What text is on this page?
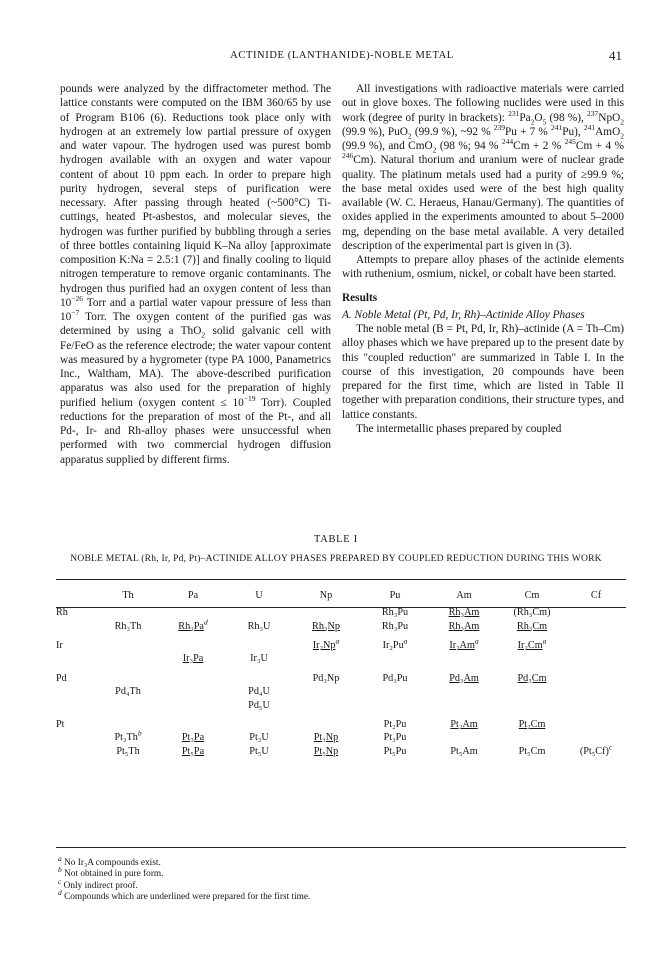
ACTINIDE (LANTHANIDE)-NOBLE METAL	41

pounds were analyzed by the diffractometer method. The lattice constants were computed on the IBM 360/65 by use of Program B106 (6). Reductions took place only with hydrogen at an extremely low partial pressure of oxygen and water vapour. The hydrogen used was purest bomb hydrogen available with an oxygen and water vapour content of about 10 ppm each. In order to prepare high purity hydrogen, several steps of purification were necessary. After passing through heated (~500°C) Ti-cuttings, heated Pt-asbestos, and molecular sieves, the hydrogen was further purified by bubbling through a series of three bottles containing liquid K–Na alloy [approximate composition K:Na = 2.5:1 (7)] and finally cooling to liquid nitrogen temperature to remove organic contaminants. The hydrogen thus purified had an oxygen content of less than $10^{-26}$ Torr and a partial water vapour pressure of less than $10^{-7}$ Torr. The oxygen content of the purified gas was determined by using a ThO$_2$ solid galvanic cell with Fe/FeO as the reference electrode; the water vapour content was measured by a hygrometer (type PA 1000, Panametrics Inc., Waltham, MA). The above-described purification apparatus was also used for the preparation of highly purified helium (oxygen content ≤ $10^{-19}$ Torr). Coupled reductions for the preparation of most of the Pt-, and all Pd-, Ir- and Rh-alloy phases were unsuccessful when performed with two commercial hydrogen diffusion apparatus supplied by different firms.

All investigations with radioactive materials were carried out in glove boxes. The following nuclides were used in this work (degree of purity in brackets): $^{231}Pa_2O_5$ (98 %), $^{237}$NpO$_2$ (99.9 %), PuO$_2$ (99.9 %), ~92 % $^{239}$Pu + 7 % $^{241}$Pu), $^{241}$AmO$_2$ (99.9 %), and CmO$_2$ (98 %; 94 % $^{244}$Cm + 2 % $^{245}$Cm + 4 % $^{246}$Cm). Natural thorium and uranium were of nuclear grade quality. The platinum metals used had a purity of ≥99.9 %; the base metal oxides used were of the best high quality available (W. C. Heraeus, Hanau/Germany). The quantities of oxides applied in the experiments amounted to about 5–2000 mg, depending on the base metal available. A very detailed description of the experimental part is given in (3).

Attempts to prepare alloy phases of the actinide elements with ruthenium, osmium, nickel, or cobalt have been started.

Results

A. Noble Metal (Pt, Pd, Ir, Rh)–Actinide Alloy Phases

The noble metal (B = Pt, Pd, Ir, Rh)–actinide (A = Th–Cm) alloy phases which we have prepared up to the present date by this "coupled reduction" are summarized in Table I. In the course of this investigation, 20 compounds have been prepared for the first time, which are listed in Table II together with preparation conditions, their structure types, and lattice constants.

The intermetallic phases prepared by coupled

TABLE I
NOBLE METAL (Rh, Ir, Pd, Pt)–ACTINIDE ALLOY PHASES PREPARED BY COUPLED REDUCTION DURING THIS WORK
	Th	Pa	U	Np	Pu	Am	Cm	Cf
Rh					Rh₃Pu	Rh₃Am	(Rh₃Cm)	
	Rh₃Th	Rh₃Pa$^d$	Rh₃U	Rh₃Np	Rh₃Pu	Rh₃Am	Rh₃Cm	

Ir				Ir₂Np$^a$	Ir₂Pu$^a$	Ir₂Am$^a$	Ir₂Cm$^a$	
		Ir₃Pa	Ir₃U					

Pd				Pd₃Np	Pd₃Pu	Pd₃Am	Pd₃Cm	
	Pd₄Th		Pd₄U					
			Pd₅U					

Pt					Pt₂Pu	Pt₂Am	Pt₂Cm	
	Pt₃Th$^b$	Pt₃Pa	Pt₃U	Pt₃Np	Pt₃Pu			
	Pt₅Th	Pt₅Pa	Pt₅U	Pt₅Np	Pt₅Pu	Pt₅Am	Pt₅Cm	$(Pt_5Cf)^c$
$^a$ No Ir₃A compounds exist.
$^b$ Not obtained in pure form.
$^c$ Only indirect proof.
$^d$ Compounds which are underlined were prepared for the first time.
